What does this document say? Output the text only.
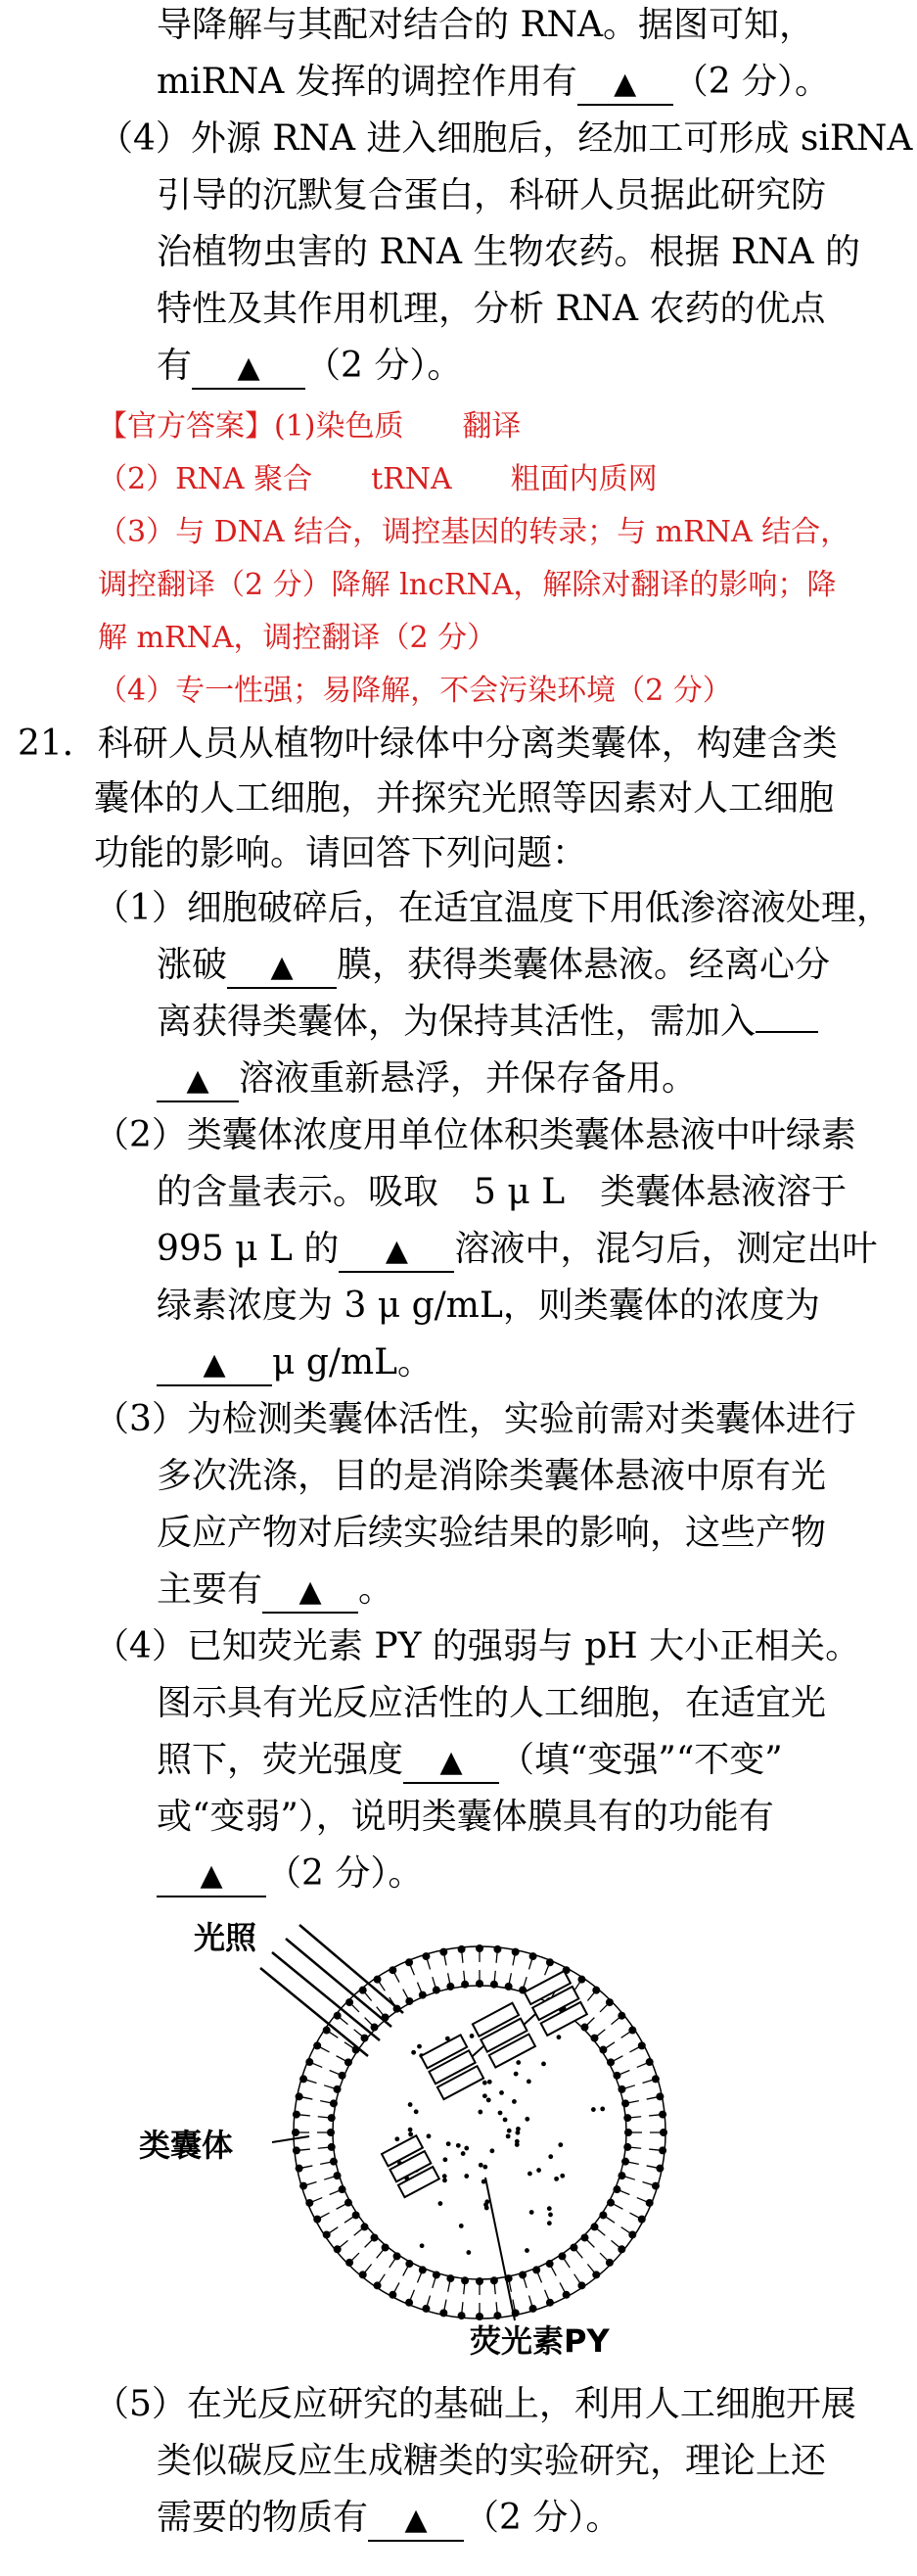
导降解与其配对结合的 RNA。据图可知，
miRNA 发挥的调控作用有 ▲ （2 分）。
（4）外源 RNA 进入细胞后，经加工可形成 siRNA
引导的沉默复合蛋白，科研人员据此研究防
治植物虫害的 RNA 生物农药。根据 RNA 的
特性及其作用机理，分析 RNA 农药的优点
有 ▲ （2 分）。
【官方答案】(1)染色质　　翻译
（2）RNA 聚合　　tRNA　　粗面内质网
（3）与 DNA 结合，调控基因的转录；与 mRNA 结合，
调控翻译（2 分）降解 lncRNA，解除对翻译的影响；降
解 mRNA，调控翻译（2 分）
（4）专一性强；易降解，不会污染环境（2 分）
21．科研人员从植物叶绿体中分离类囊体，构建含类
囊体的人工细胞，并探究光照等因素对人工细胞
功能的影响。请回答下列问题：
（1）细胞破碎后，在适宜温度下用低渗溶液处理，
涨破 ▲ 膜，获得类囊体悬液。经离心分
离获得类囊体，为保持其活性，需加入
▲ 溶液重新悬浮，并保存备用。
（2）类囊体浓度用单位体积类囊体悬液中叶绿素
的含量表示。吸取　5 μ L　类囊体悬液溶于
995 μ L 的 ▲ 溶液中，混匀后，测定出叶
绿素浓度为 3 μ g/mL，则类囊体的浓度为
▲ μ g/mL。
（3）为检测类囊体活性，实验前需对类囊体进行
多次洗涤，目的是消除类囊体悬液中原有光
反应产物对后续实验结果的影响，这些产物
主要有 ▲ 。
（4）已知荧光素 PY 的强弱与 pH 大小正相关。
图示具有光反应活性的人工细胞，在适宜光
照下，荧光强度 ▲ （填“变强”“不变”
或“变弱”），说明类囊体膜具有的功能有
▲ （2 分）。
光照
类囊体
荧光素PY
（5）在光反应研究的基础上，利用人工细胞开展
类似碳反应生成糖类的实验研究，理论上还
需要的物质有 ▲ （2 分）。
